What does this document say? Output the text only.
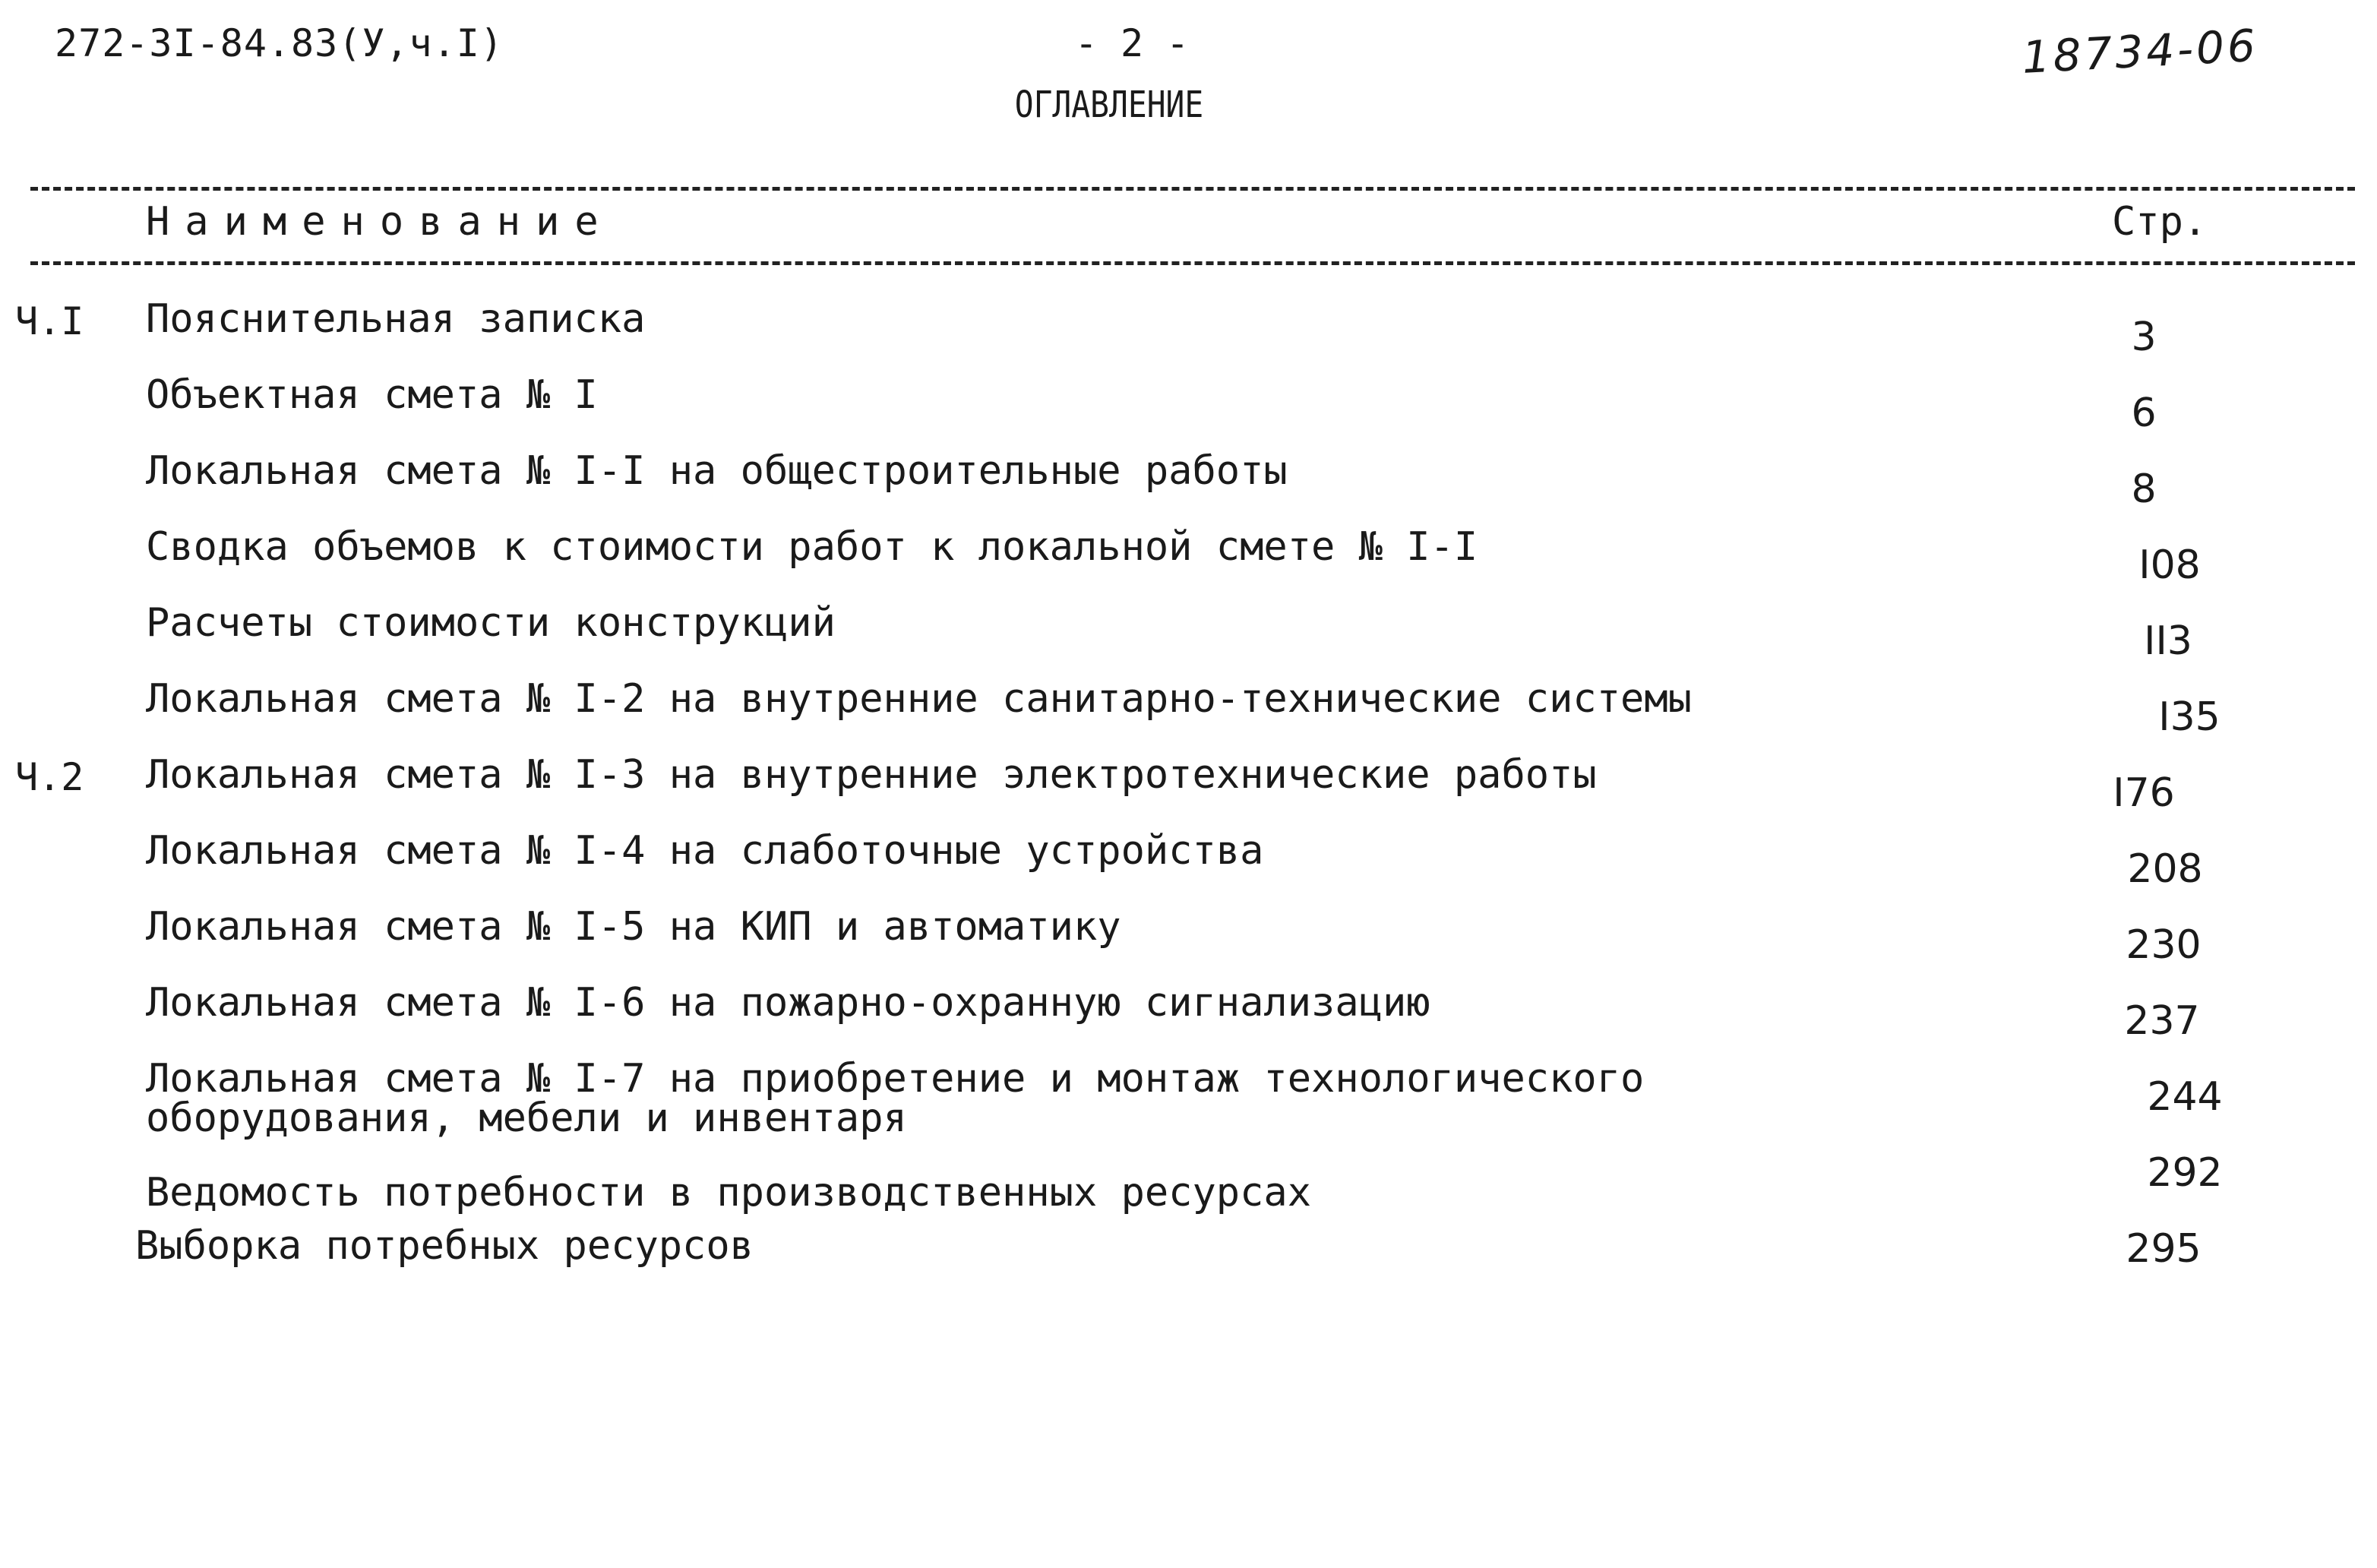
272-3I-84.83(У,ч.I)	- 2 -	18734-06
ОГЛАВЛЕНИЕ
Наименование	Стр.
Ч.I Пояснительная записка	3
Объектная смета № I	6
Локальная смета № I-I на общестроительные работы	8
Сводка объемов к стоимости работ к локальной смете № I-I	I08
Расчеты стоимости конструкций	II3
Локальная смета № I-2 на внутренние санитарно-технические системы	I35
Ч.2 Локальная смета № I-3 на внутренние электротехнические работы	I76
Локальная смета № I-4 на слаботочные устройства	208
Локальная смета № I-5 на КИП и автоматику	230
Локальная смета № I-6 на пожарно-охранную сигнализацию	237
Локальная смета № I-7 на приобретение и монтаж технологического
оборудования, мебели и инвентаря	244
Ведомость потребности в производственных ресурсах	292
Выборка потребных ресурсов	295
